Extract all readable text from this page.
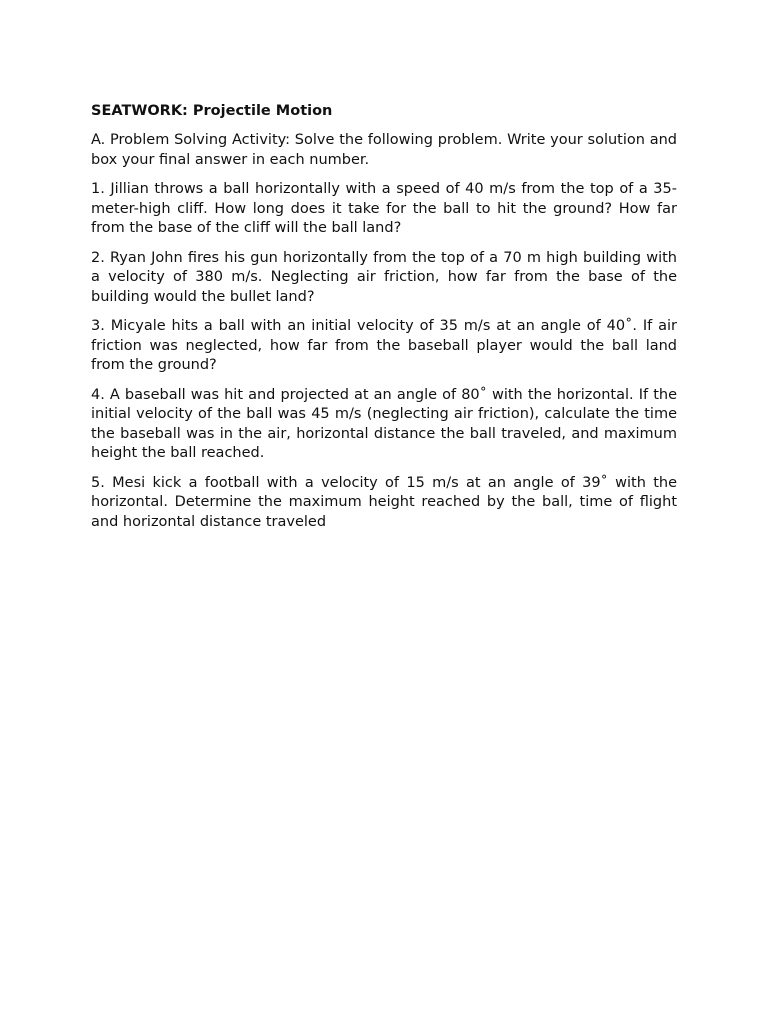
SEATWORK: Projectile Motion

A. Problem Solving Activity: Solve the following problem. Write your solution and box your final answer in each number.

1. Jillian throws a ball horizontally with a speed of 40 m/s from the top of a 35-meter-high cliff. How long does it take for the ball to hit the ground? How far from the base of the cliff will the ball land?

2. Ryan John fires his gun horizontally from the top of a 70 m high building with a velocity of 380 m/s. Neglecting air friction, how far from the base of the building would the bullet land?

3. Micyale hits a ball with an initial velocity of 35 m/s at an angle of 40˚. If air friction was neglected, how far from the baseball player would the ball land from the ground?

4. A baseball was hit and projected at an angle of 80˚ with the horizontal. If the initial velocity of the ball was 45 m/s (neglecting air friction), calculate the time the baseball was in the air, horizontal distance the ball traveled, and maximum height the ball reached.

5. Mesi kick a football with a velocity of 15 m/s at an angle of 39˚ with the horizontal. Determine the maximum height reached by the ball, time of flight and horizontal distance traveled
